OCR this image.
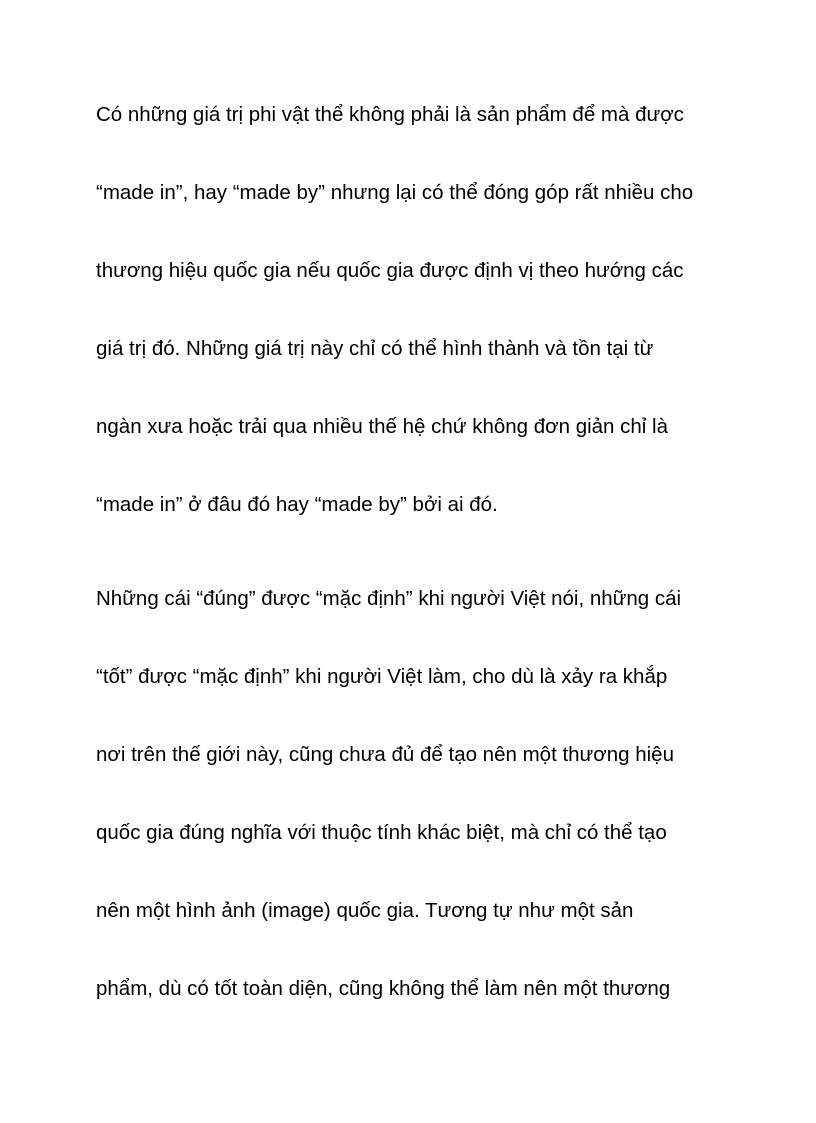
Có những giá trị phi vật thể không phải là sản phẩm để mà được
“made in”, hay “made by” nhưng lại có thể đóng góp rất nhiều cho
thương hiệu quốc gia nếu quốc gia được định vị theo hướng các
giá trị đó. Những giá trị này chỉ có thể hình thành và tồn tại từ
ngàn xưa hoặc trải qua nhiều thế hệ chứ không đơn giản chỉ là
“made in” ở đâu đó hay “made by” bởi ai đó.
Những cái “đúng” được “mặc định” khi người Việt nói, những cái
“tốt” được “mặc định” khi người Việt làm, cho dù là xảy ra khắp
nơi trên thế giới này, cũng chưa đủ để tạo nên một thương hiệu
quốc gia đúng nghĩa với thuộc tính khác biệt, mà chỉ có thể tạo
nên một hình ảnh (image) quốc gia. Tương tự như một sản
phẩm, dù có tốt toàn diện, cũng không thể làm nên một thương
